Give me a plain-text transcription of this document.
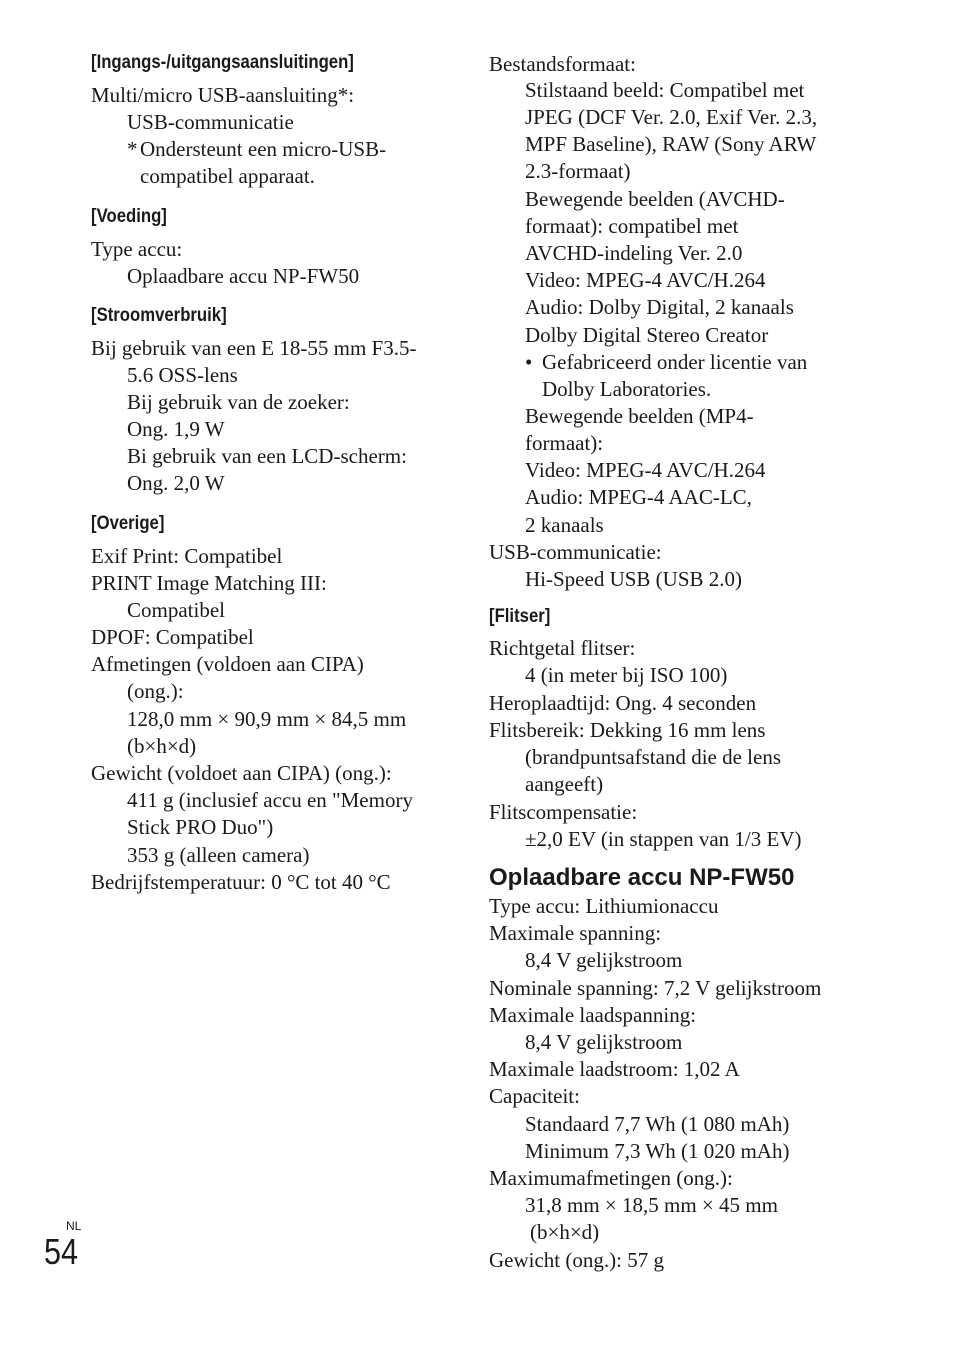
[Ingangs-/uitgangsaansluitingen]
Multi/micro USB-aansluiting*:
USB-communicatie
* Ondersteunt een micro-USB-
compatibel apparaat.
[Voeding]
Type accu:
Oplaadbare accu NP-FW50
[Stroomverbruik]
Bij gebruik van een E 18-55 mm F3.5-
5.6 OSS-lens
Bij gebruik van de zoeker:
Ong. 1,9 W
Bi gebruik van een LCD-scherm:
Ong. 2,0 W
[Overige]
Exif Print: Compatibel
PRINT Image Matching III:
Compatibel
DPOF: Compatibel
Afmetingen (voldoen aan CIPA)
(ong.):
128,0 mm × 90,9 mm × 84,5 mm
(b×h×d)
Gewicht (voldoet aan CIPA) (ong.):
411 g (inclusief accu en "Memory
Stick PRO Duo")
353 g (alleen camera)
Bedrijfstemperatuur: 0 °C tot 40 °C
Bestandsformaat:
Stilstaand beeld: Compatibel met
JPEG (DCF Ver. 2.0, Exif Ver. 2.3,
MPF Baseline), RAW (Sony ARW
2.3-formaat)
Bewegende beelden (AVCHD-
formaat): compatibel met
AVCHD-indeling Ver. 2.0
Video: MPEG-4 AVC/H.264
Audio: Dolby Digital, 2 kanaals
Dolby Digital Stereo Creator
• Gefabriceerd onder licentie van
Dolby Laboratories.
Bewegende beelden (MP4-
formaat):
Video: MPEG-4 AVC/H.264
Audio: MPEG-4 AAC-LC,
2 kanaals
USB-communicatie:
Hi-Speed USB (USB 2.0)
[Flitser]
Richtgetal flitser:
4 (in meter bij ISO 100)
Heroplaadtijd: Ong. 4 seconden
Flitsbereik: Dekking 16 mm lens
(brandpuntsafstand die de lens
aangeeft)
Flitscompensatie:
±2,0 EV (in stappen van 1/3 EV)
Oplaadbare accu NP-FW50
Type accu: Lithiumionaccu
Maximale spanning:
8,4 V gelijkstroom
Nominale spanning: 7,2 V gelijkstroom
Maximale laadspanning:
8,4 V gelijkstroom
Maximale laadstroom: 1,02 A
Capaciteit:
Standaard 7,7 Wh (1 080 mAh)
Minimum 7,3 Wh (1 020 mAh)
Maximumafmetingen (ong.):
31,8 mm × 18,5 mm × 45 mm
(b×h×d)
Gewicht (ong.): 57 g
NL
54
